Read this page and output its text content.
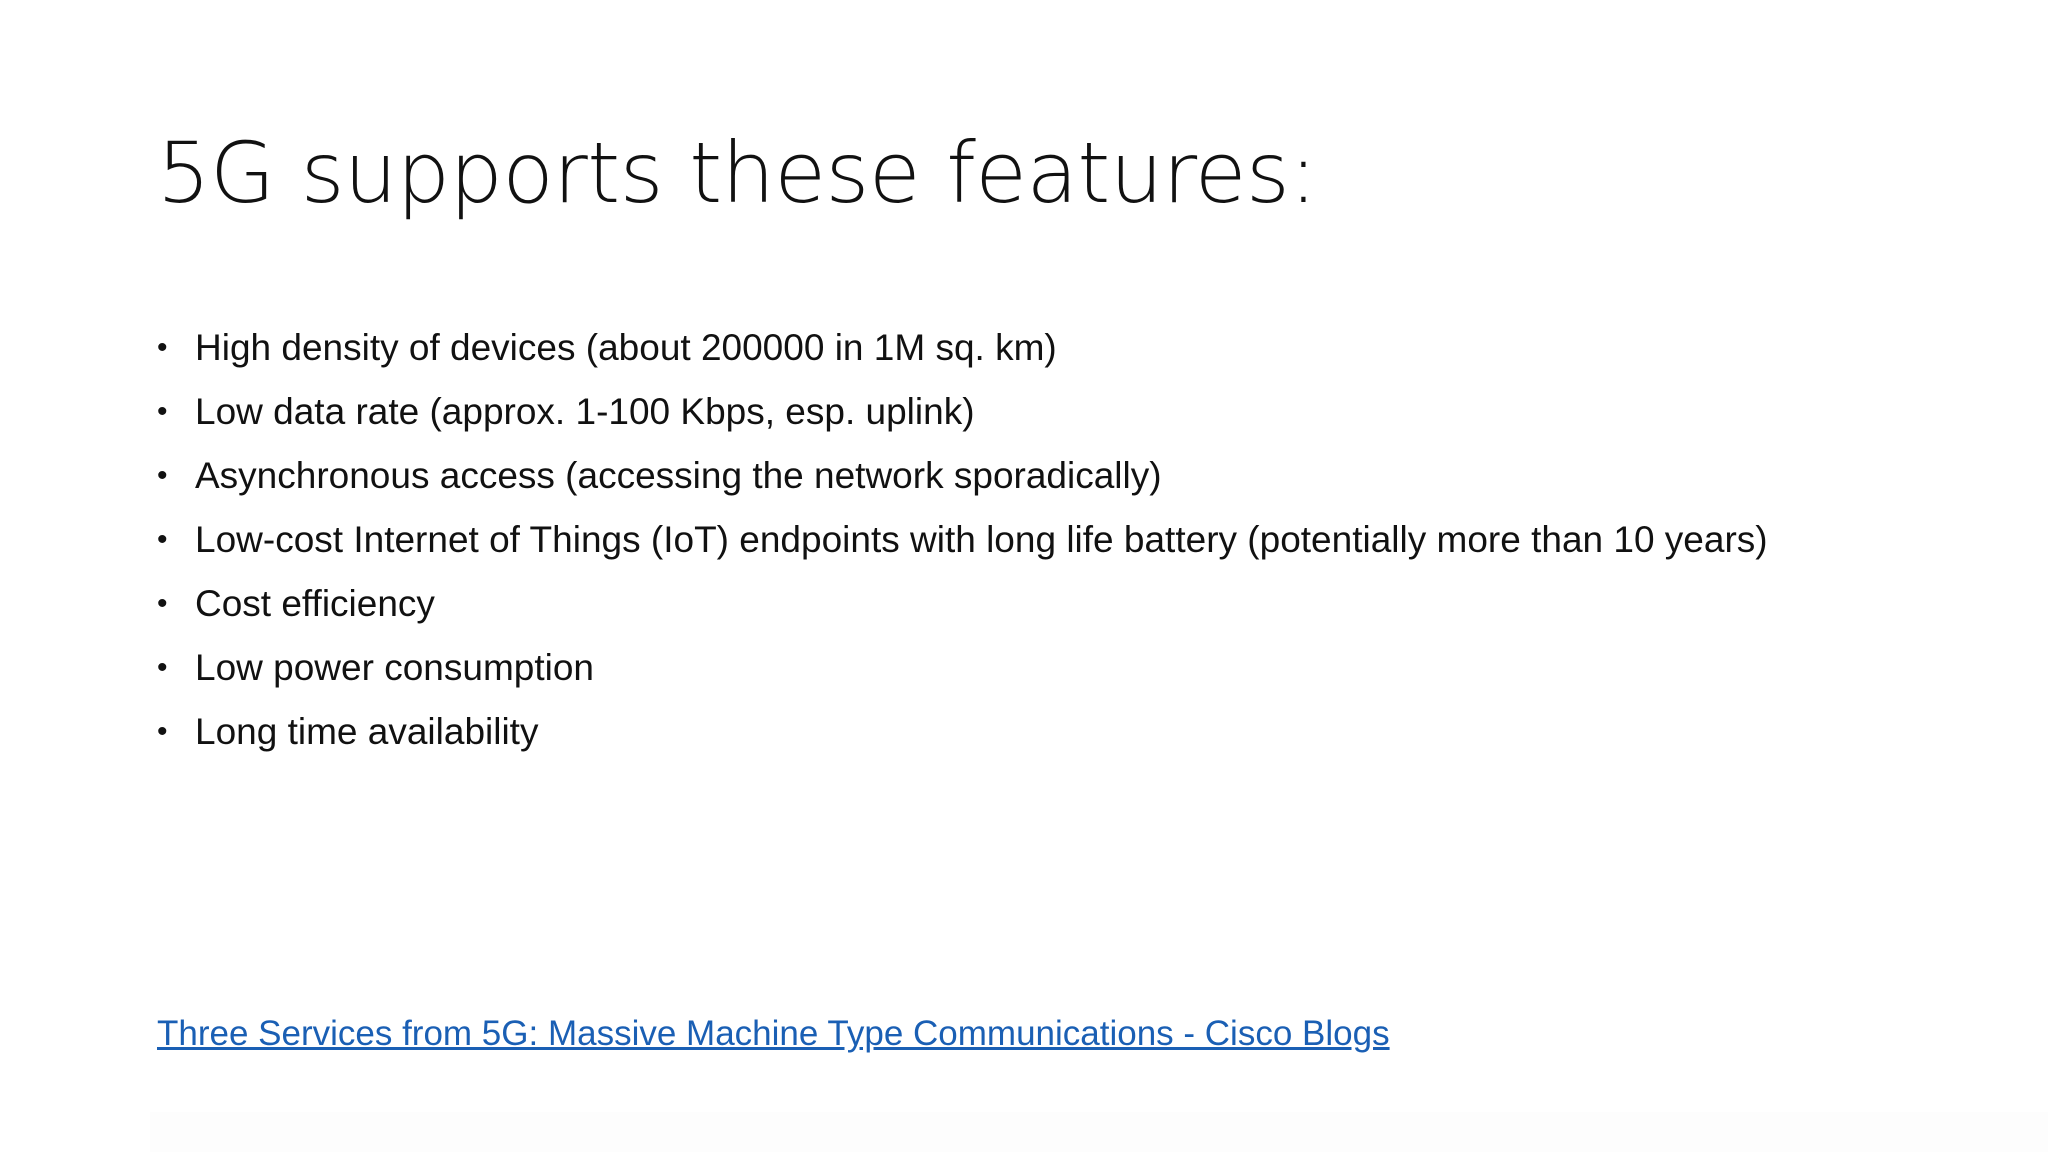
5G supports these features:
• High density of devices (about 200000 in 1M sq. km)
• Low data rate (approx. 1-100 Kbps, esp. uplink)
• Asynchronous access (accessing the network sporadically)
• Low-cost Internet of Things (IoT) endpoints with long life battery (potentially more than 10 years)
• Cost efficiency
• Low power consumption
• Long time availability
Three Services from 5G: Massive Machine Type Communications - Cisco Blogs
